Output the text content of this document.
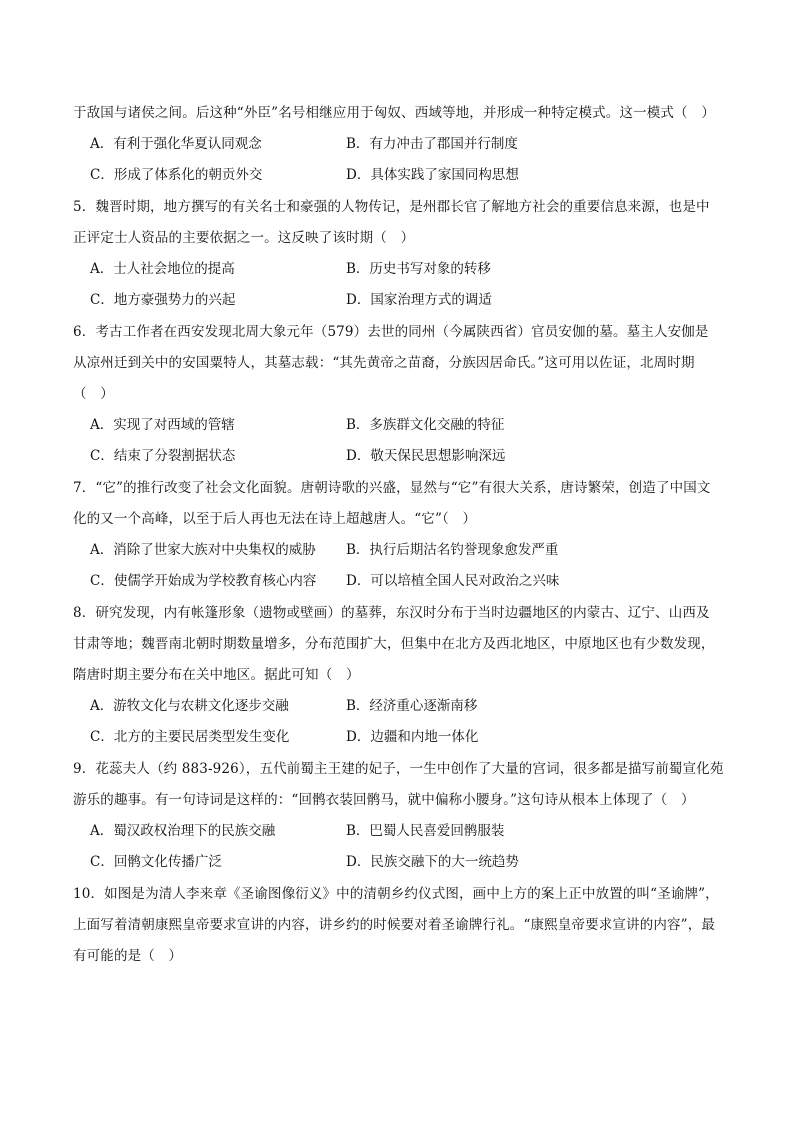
于敌国与诸侯之间。后这种“外臣”名号相继应用于匈奴、西域等地，并形成一种特定模式。这一模式（　）
A．有利于强化华夏认同观念	B．有力冲击了郡国并行制度
C．形成了体系化的朝贡外交	D．具体实践了家国同构思想
5．魏晋时期，地方撰写的有关名士和豪强的人物传记，是州郡长官了解地方社会的重要信息来源，也是中
正评定士人资品的主要依据之一。这反映了该时期（　）
A．士人社会地位的提高	B．历史书写对象的转移
C．地方豪强势力的兴起	D．国家治理方式的调适
6．考古工作者在西安发现北周大象元年（579）去世的同州（今属陕西省）官员安伽的墓。墓主人安伽是
从凉州迁到关中的安国粟特人，其墓志载：“其先黄帝之苗裔，分族因居命氏。”这可用以佐证，北周时期
（　）
A．实现了对西域的管辖	B．多族群文化交融的特征
C．结束了分裂割据状态	D．敬天保民思想影响深远
7．“它”的推行改变了社会文化面貌。唐朝诗歌的兴盛，显然与“它”有很大关系，唐诗繁荣，创造了中国文
化的又一个高峰，以至于后人再也无法在诗上超越唐人。“它”（　）
A．消除了世家大族对中央集权的威胁 B．执行后期沽名钓誉现象愈发严重
C．使儒学开始成为学校教育核心内容 D．可以培植全国人民对政治之兴味
8．研究发现，内有帐篷形象（遗物或壁画）的墓葬，东汉时分布于当时边疆地区的内蒙古、辽宁、山西及
甘肃等地；魏晋南北朝时期数量增多，分布范围扩大，但集中在北方及西北地区，中原地区也有少数发现，
隋唐时期主要分布在关中地区。据此可知（　）
A．游牧文化与农耕文化逐步交融	B．经济重心逐渐南移
C．北方的主要民居类型发生变化	D．边疆和内地一体化
9．花蕊夫人（约 883-926），五代前蜀主王建的妃子，一生中创作了大量的宫词，很多都是描写前蜀宣化苑
游乐的趣事。有一句诗词是这样的：“回鹘衣装回鹘马，就中偏称小腰身。”这句诗从根本上体现了（　）
A．蜀汉政权治理下的民族交融	B．巴蜀人民喜爱回鹘服装
C．回鹘文化传播广泛	D．民族交融下的大一统趋势
10．如图是为清人李来章《圣谕图像衍义》中的清朝乡约仪式图，画中上方的案上正中放置的叫“圣谕牌”，
上面写着清朝康熙皇帝要求宣讲的内容，讲乡约的时候要对着圣谕牌行礼。“康熙皇帝要求宣讲的内容”，最
有可能的是（　）
